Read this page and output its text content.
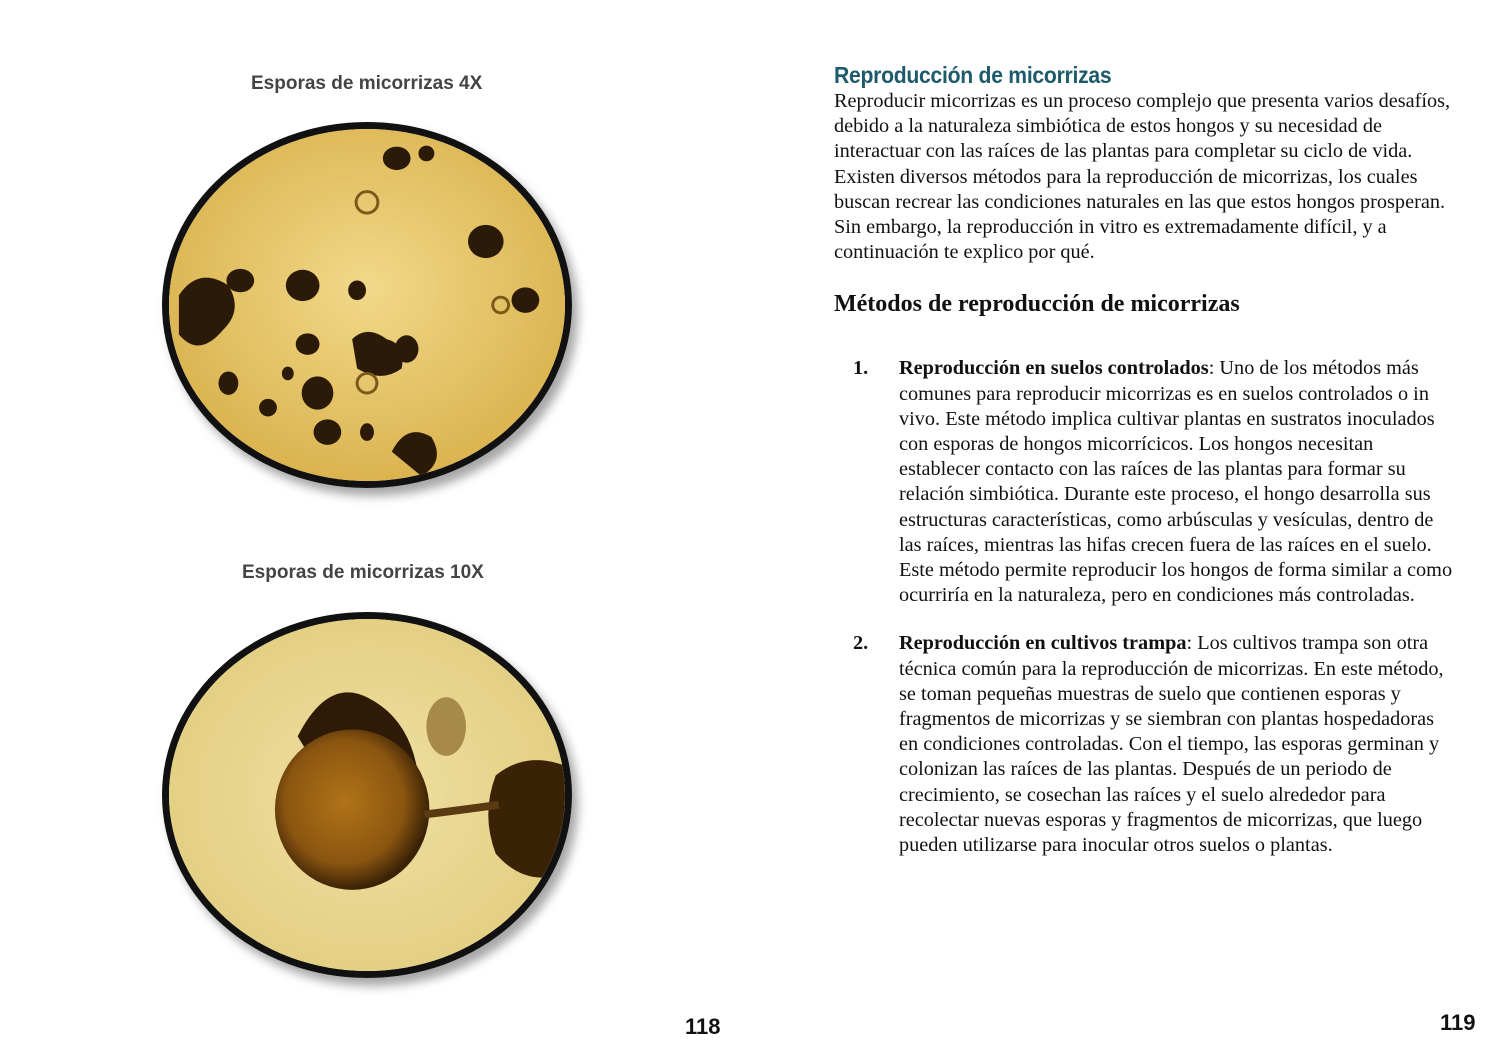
Esporas de micorrizas 4X
Esporas de micorrizas 10X
118
Reproducción de micorrizas

Reproducir micorrizas es un proceso complejo que presenta varios desafíos, debido a la naturaleza simbiótica de estos hongos y su necesidad de interactuar con las raíces de las plantas para completar su ciclo de vida. Existen diversos métodos para la reproducción de micorrizas, los cuales buscan recrear las condiciones naturales en las que estos hongos prosperan. Sin embargo, la reproducción in vitro es extremadamente difícil, y a continuación te explico por qué.

Métodos de reproducción de micorrizas
1. Reproducción en suelos controlados: Uno de los métodos más comunes para reproducir micorrizas es en suelos controlados o in vivo. Este método implica cultivar plantas en sustratos inoculados con esporas de hongos micorrícicos. Los hongos necesitan establecer contacto con las raíces de las plantas para formar su relación simbiótica. Durante este proceso, el hongo desarrolla sus estructuras características, como arbúsculas y vesículas, dentro de las raíces, mientras las hifas crecen fuera de las raíces en el suelo. Este método permite reproducir los hongos de forma similar a como ocurriría en la naturaleza, pero en condiciones más controladas.
2. Reproducción en cultivos trampa: Los cultivos trampa son otra técnica común para la reproducción de micorrizas. En este método, se toman pequeñas muestras de suelo que contienen esporas y fragmentos de micorrizas y se siembran con plantas hospedadoras en condiciones controladas. Con el tiempo, las esporas germinan y colonizan las raíces de las plantas. Después de un periodo de crecimiento, se cosechan las raíces y el suelo alrededor para recolectar nuevas esporas y fragmentos de micorrizas, que luego pueden utilizarse para inocular otros suelos o plantas.
119
